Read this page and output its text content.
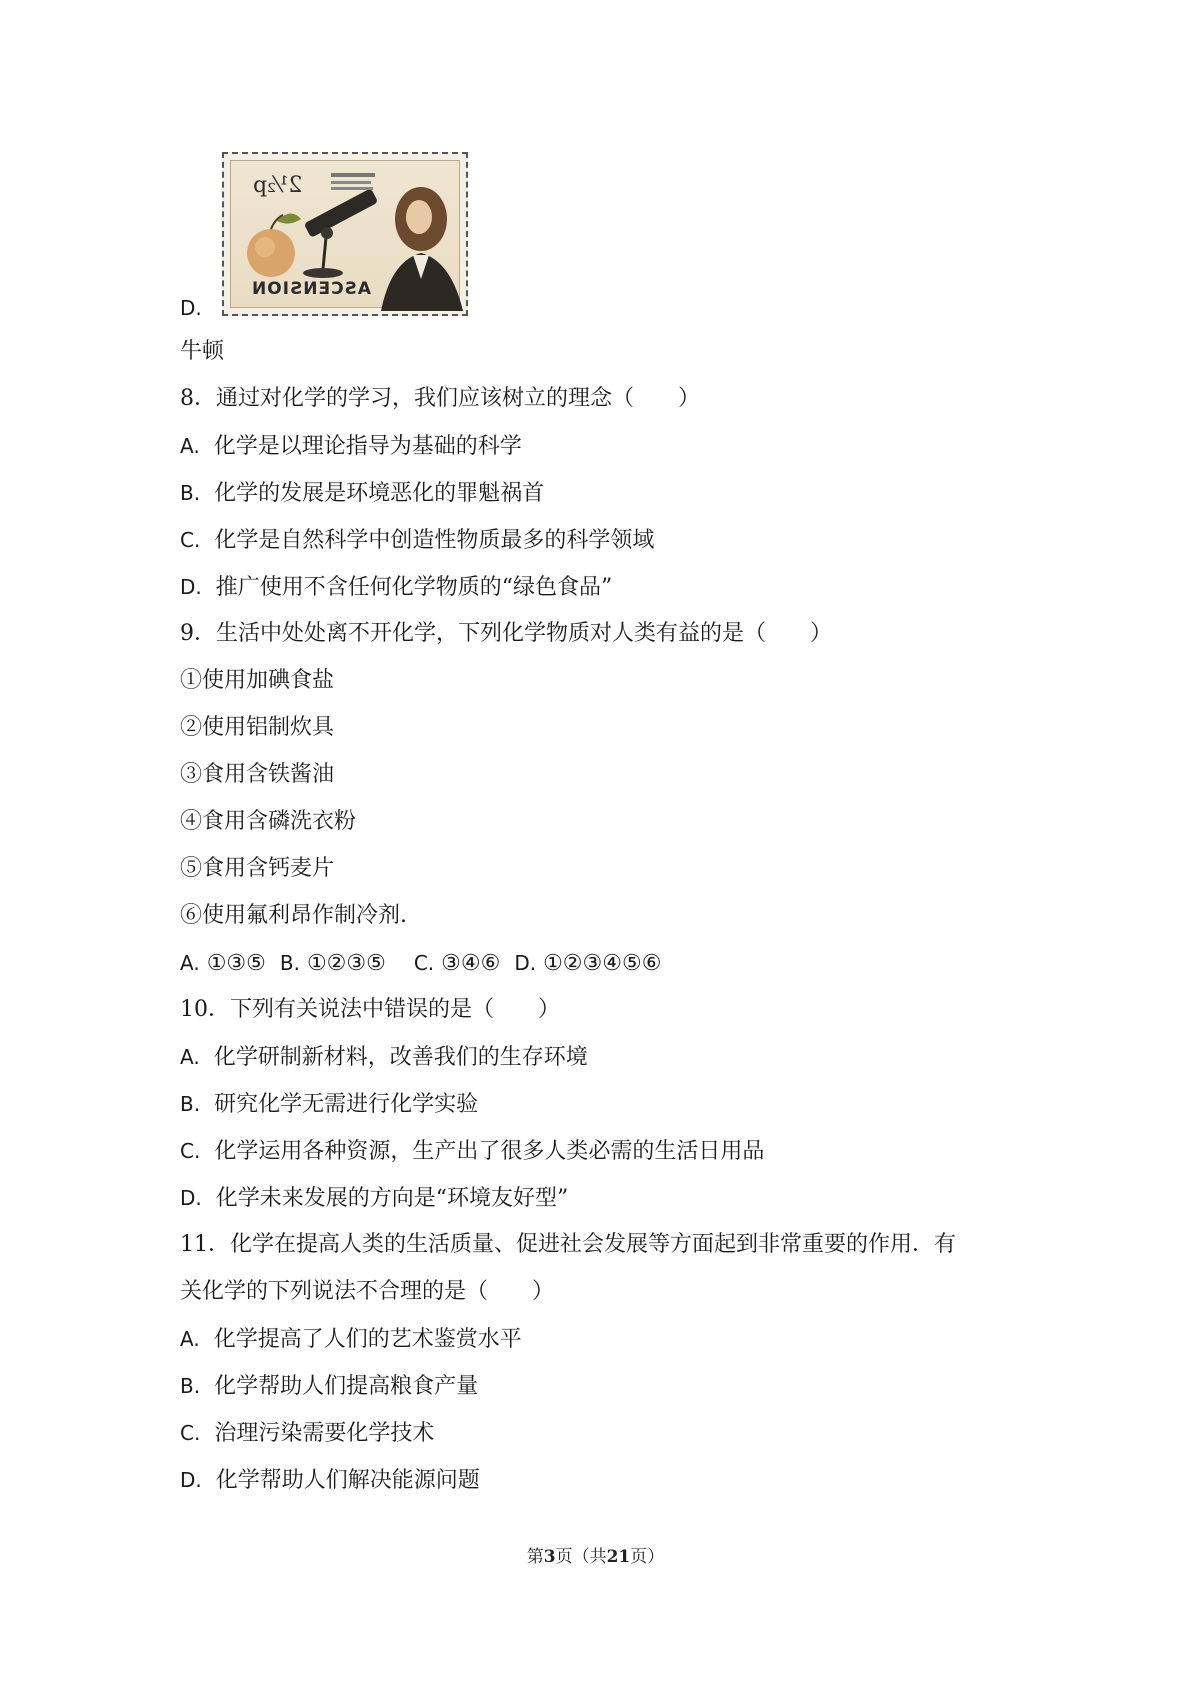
2½p
ASCENSION
D.
牛顿
8．通过对化学的学习，我们应该树立的理念（　　）
A. 化学是以理论指导为基础的科学
B. 化学的发展是环境恶化的罪魁祸首
C. 化学是自然科学中创造性物质最多的科学领域
D. 推广使用不含任何化学物质的“绿色食品”
9．生活中处处离不开化学，下列化学物质对人类有益的是（　　）
①使用加碘食盐
②使用铝制炊具
③食用含铁酱油
④食用含磷洗衣粉
⑤食用含钙麦片
⑥使用氟利昂作制冷剂.
A. ①③⑤ B. ①②③⑤ C. ③④⑥ D. ①②③④⑤⑥
10．下列有关说法中错误的是（　　）
A. 化学研制新材料，改善我们的生存环境
B. 研究化学无需进行化学实验
C. 化学运用各种资源，生产出了很多人类必需的生活日用品
D. 化学未来发展的方向是“环境友好型”
11．化学在提高人类的生活质量、促进社会发展等方面起到非常重要的作用．有
关化学的下列说法不合理的是（　　）
A. 化学提高了人们的艺术鉴赏水平
B. 化学帮助人们提高粮食产量
C. 治理污染需要化学技术
D. 化学帮助人们解决能源问题
第3页（共21页）
